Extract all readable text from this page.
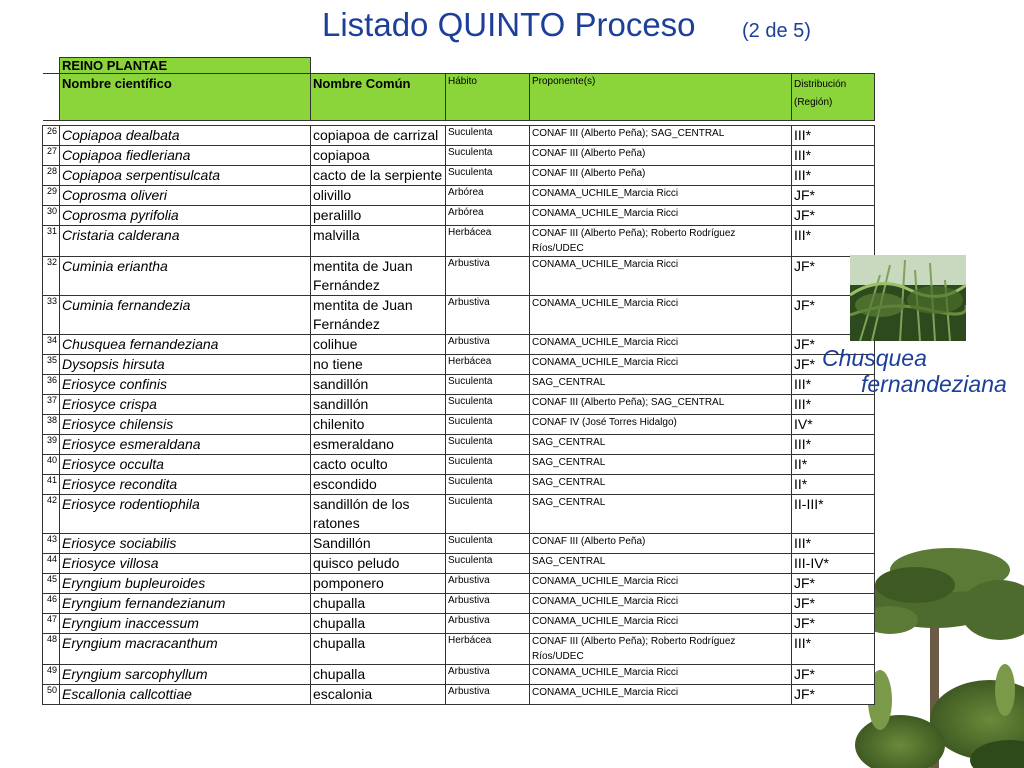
Listado QUINTO Proceso (2 de 5)
	REINO PLANTAE				
	Nombre científico	Nombre Común	Hábito	Proponente(s)	Distribución (Región)

26	Copiapoa dealbata	copiapoa de carrizal	Suculenta	CONAF III (Alberto Peña); SAG_CENTRAL	III*
27	Copiapoa fiedleriana	copiapoa	Suculenta	CONAF III (Alberto Peña)	III*
28	Copiapoa serpentisulcata	cacto de la serpiente	Suculenta	CONAF III (Alberto Peña)	III*
29	Coprosma oliveri	olivillo	Arbórea	CONAMA_UCHILE_Marcia Ricci	JF*
30	Coprosma pyrifolia	peralillo	Arbórea	CONAMA_UCHILE_Marcia Ricci	JF*
31	Cristaria calderana	malvilla	Herbácea	CONAF III (Alberto Peña); Roberto Rodríguez Ríos/UDEC	III*
32	Cuminia eriantha	mentita de Juan Fernández	Arbustiva	CONAMA_UCHILE_Marcia Ricci	JF*
33	Cuminia fernandezia	mentita de Juan Fernández	Arbustiva	CONAMA_UCHILE_Marcia Ricci	JF*
34	Chusquea fernandeziana	colihue	Arbustiva	CONAMA_UCHILE_Marcia Ricci	JF*
35	Dysopsis hirsuta	no tiene	Herbácea	CONAMA_UCHILE_Marcia Ricci	JF*
36	Eriosyce confinis	sandillón	Suculenta	SAG_CENTRAL	III*
37	Eriosyce crispa	sandillón	Suculenta	CONAF III (Alberto Peña); SAG_CENTRAL	III*
38	Eriosyce chilensis	chilenito	Suculenta	CONAF IV (José Torres Hidalgo)	IV*
39	Eriosyce esmeraldana	esmeraldano	Suculenta	SAG_CENTRAL	III*
40	Eriosyce occulta	cacto oculto	Suculenta	SAG_CENTRAL	II*
41	Eriosyce recondita	escondido	Suculenta	SAG_CENTRAL	II*
42	Eriosyce rodentiophila	sandillón de los ratones	Suculenta	SAG_CENTRAL	II-III*
43	Eriosyce sociabilis	Sandillón	Suculenta	CONAF III (Alberto Peña)	III*
44	Eriosyce villosa	quisco peludo	Suculenta	SAG_CENTRAL	III-IV*
45	Eryngium bupleuroides	pomponero	Arbustiva	CONAMA_UCHILE_Marcia Ricci	JF*
46	Eryngium fernandezianum	chupalla	Arbustiva	CONAMA_UCHILE_Marcia Ricci	JF*
47	Eryngium inaccessum	chupalla	Arbustiva	CONAMA_UCHILE_Marcia Ricci	JF*
48	Eryngium macracanthum	chupalla	Herbácea	CONAF III (Alberto Peña); Roberto Rodríguez Ríos/UDEC	III*
49	Eryngium sarcophyllum	chupalla	Arbustiva	CONAMA_UCHILE_Marcia Ricci	JF*
50	Escallonia callcottiae	escalonia	Arbustiva	CONAMA_UCHILE_Marcia Ricci	JF*
Chusquea
fernandeziana
